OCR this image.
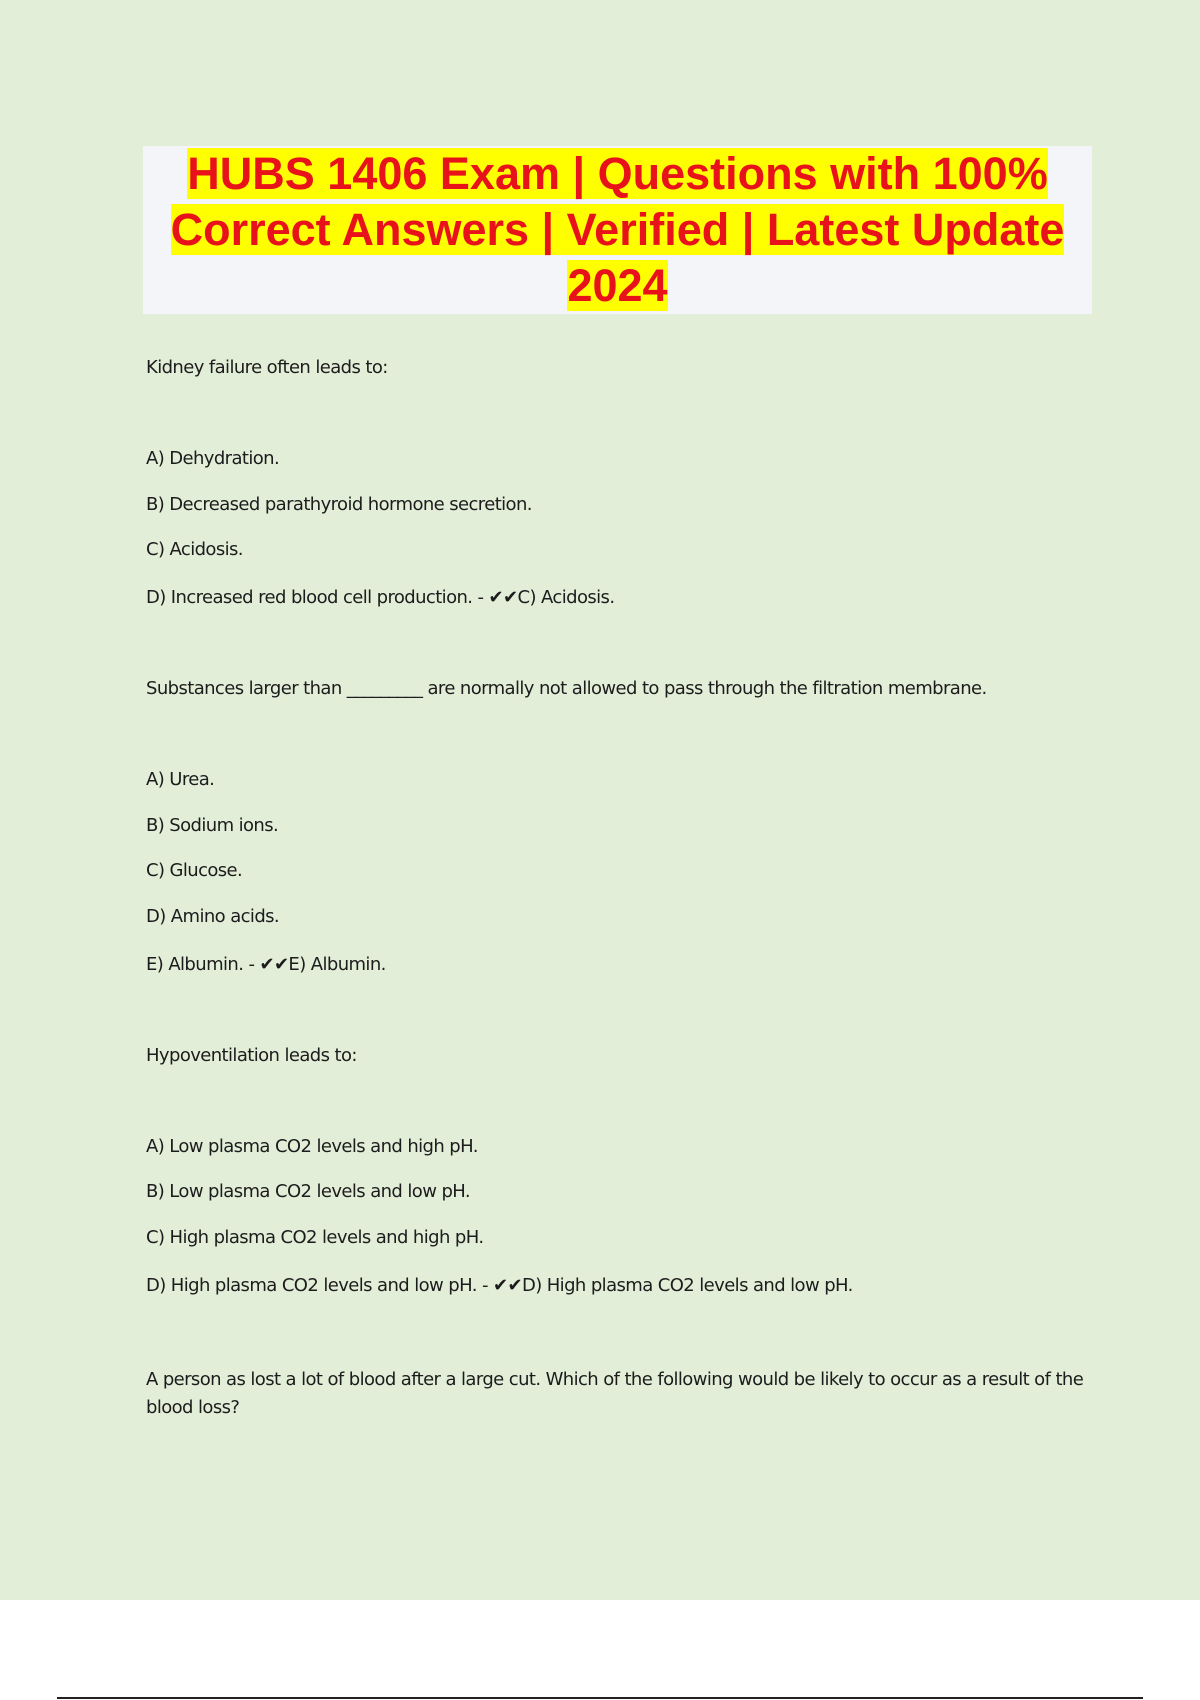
HUBS 1406 Exam | Questions with 100% Correct Answers | Verified | Latest Update 2024
Kidney failure often leads to:
A) Dehydration.
B) Decreased parathyroid hormone secretion.
C) Acidosis.
D) Increased red blood cell production. - ✔✔C) Acidosis.
Substances larger than _________ are normally not allowed to pass through the filtration membrane.
A) Urea.
B) Sodium ions.
C) Glucose.
D) Amino acids.
E) Albumin. - ✔✔E) Albumin.
Hypoventilation leads to:
A) Low plasma CO2 levels and high pH.
B) Low plasma CO2 levels and low pH.
C) High plasma CO2 levels and high pH.
D) High plasma CO2 levels and low pH. - ✔✔D) High plasma CO2 levels and low pH.
A person as lost a lot of blood after a large cut. Which of the following would be likely to occur as a result of the blood loss?
